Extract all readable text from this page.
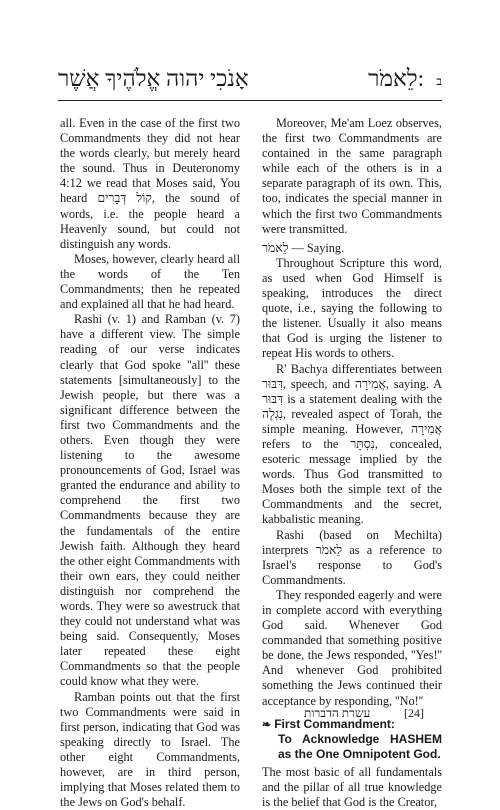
אָנֹכִי יהוה אֱלֹהֶיךָ אֲשֶׁר	ב
לֵאמֹר:

all. Even in the case of the first two Commandments they did not hear the words clearly, but merely heard the sound. Thus in Deuteronomy 4:12 we read that Moses said, You heard קוֹל דְּבָרִים, the sound of words, i.e. the people heard a Heavenly sound, but could not distinguish any words.

Moses, however, clearly heard all the words of the Ten Commandments; then he repeated and explained all that he had heard.

Rashi (v. 1) and Ramban (v. 7) have a different view. The simple reading of our verse indicates clearly that God spoke ''all'' these statements [simultaneously] to the Jewish people, but there was a significant difference between the first two Commandments and the others. Even though they were listening to the awesome pronouncements of God, Israel was granted the endurance and ability to comprehend the first two Commandments because they are the fundamentals of the entire Jewish faith. Although they heard the other eight Commandments with their own ears, they could neither distinguish nor comprehend the words. They were so awestruck that they could not understand what was being said. Consequently, Moses later repeated these eight Commandments so that the people could know what they were.

Ramban points out that the first two Commandments were said in first person, indicating that God was speaking directly to Israel. The other eight Commandments, however, are in third person, implying that Moses related them to the Jews on God's behalf.

Moreover, Me'am Loez observes, the first two Commandments are contained in the same paragraph while each of the others is in a separate paragraph of its own. This, too, indicates the special manner in which the first two Commandments were transmitted.

לֵאמֹר — Saying.

Throughout Scripture this word, as used when God Himself is speaking, introduces the direct quote, i.e., saying the following to the listener. Usually it also means that God is urging the listener to repeat His words to others.

R' Bachya differentiates between דִּבּוּר, speech, and אֲמִירָה, saying. A דִּבּוּר is a statement dealing with the נִגְלֶה, revealed aspect of Torah, the simple meaning. However, אֲמִירָה refers to the נִסְתָּר, concealed, esoteric message implied by the words. Thus God transmitted to Moses both the simple text of the Commandments and the secret, kabbalistic meaning.

Rashi (based on Mechilta) interprets לֵאמֹר as a reference to Israel's response to God's Commandments.

They responded eagerly and were in complete accord with everything God said. Whenever God commanded that something positive be done, the Jews responded, ''Yes!'' And whenever God prohibited something the Jews continued their acceptance by responding, ''No!''

❧ First Commandment:
To Acknowledge HASHEM as the One Omnipotent God.

The most basic of all fundamentals and the pillar of all true knowledge is the belief that God is the Creator,

עשרת הדברות	[24]
